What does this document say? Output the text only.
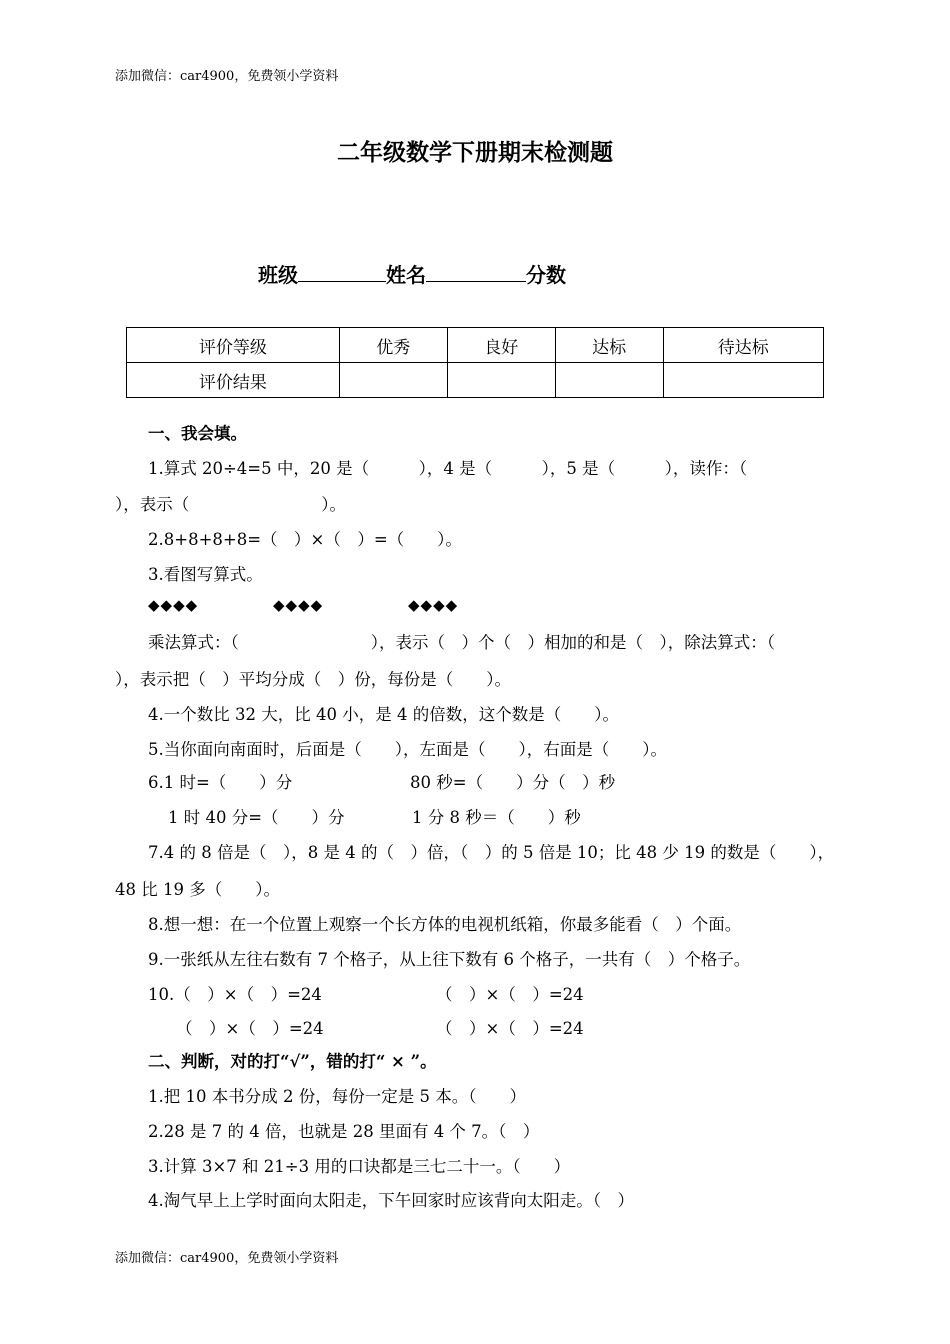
添加微信：car4900，免费领小学资料
二年级数学下册期末检测题
班级	姓名	分数
评价等级	优秀	良好	达标	待达标
评价结果				
一、我会填。
1.算式 20÷4=5 中，20 是（　　　），4 是（　　　），5 是（　　　），读作：（
），表示（　　　　　　　　）。
2.8+8+8+8=（　）×（　）=（　　）。
3.看图写算式。
◆◆◆◆	◆◆◆◆	◆◆◆◆
乘法算式：（　　　　　　　　），表示（　）个（　）相加的和是（　），除法算式：（
），表示把（　）平均分成（　）份，每份是（　　）。
4.一个数比 32 大，比 40 小，是 4 的倍数，这个数是（　　）。
5.当你面向南面时，后面是（　　），左面是（　　），右面是（　　）。
6.1 时=（　　）分	80 秒=（　　）分（　）秒
1 时 40 分=（　　）分	1 分 8 秒＝（　　）秒
7.4 的 8 倍是（　），8 是 4 的（　）倍，（　）的 5 倍是 10；比 48 少 19 的数是（　　），
48 比 19 多（　　）。
8.想一想：在一个位置上观察一个长方体的电视机纸箱，你最多能看（　）个面。
9.一张纸从左往右数有 7 个格子，从上往下数有 6 个格子，一共有（　）个格子。
10.（　）×（　）=24	（　）×（　）=24
（　）×（　）=24	（　）×（　）=24
二、判断，对的打“√”，错的打“ × ”。
1.把 10 本书分成 2 份，每份一定是 5 本。（　　）
2.28 是 7 的 4 倍，也就是 28 里面有 4 个 7。（　）
3.计算 3×7 和 21÷3 用的口诀都是三七二十一。（　　）
4.淘气早上上学时面向太阳走，下午回家时应该背向太阳走。（　）
添加微信：car4900，免费领小学资料
